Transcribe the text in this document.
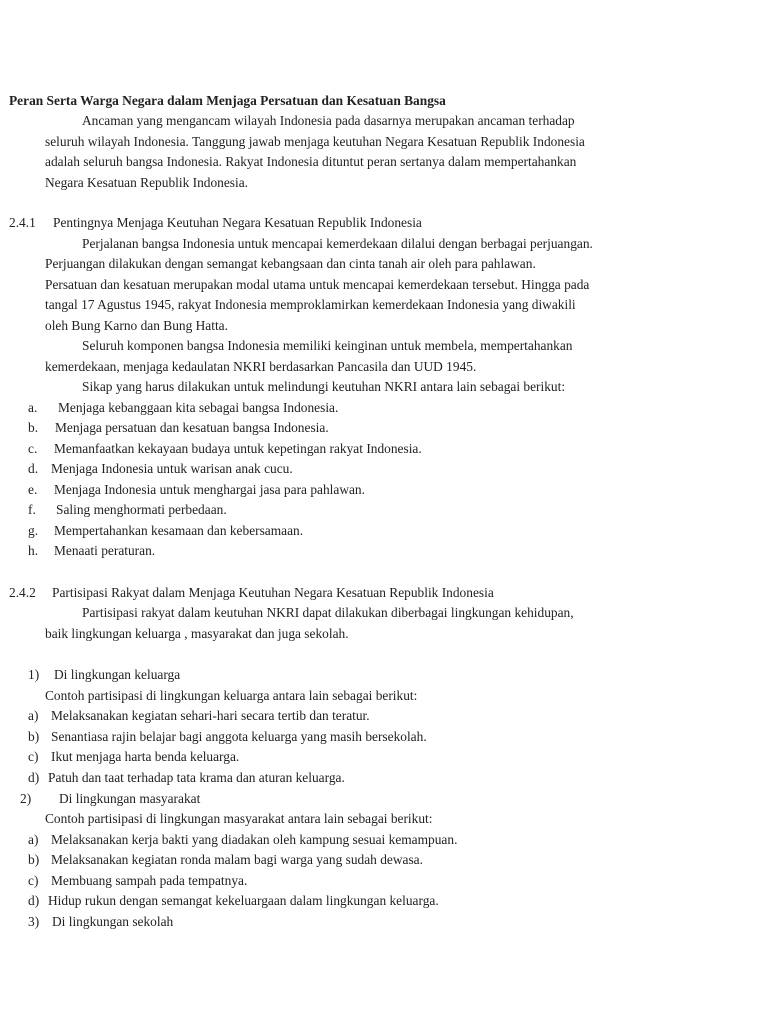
Peran Serta Warga Negara dalam Menjaga Persatuan dan Kesatuan Bangsa
Ancaman yang mengancam wilayah Indonesia pada dasarnya merupakan ancaman terhadap
seluruh wilayah Indonesia. Tanggung jawab menjaga keutuhan Negara Kesatuan Republik Indonesia
adalah seluruh bangsa Indonesia. Rakyat Indonesia dituntut peran sertanya dalam mempertahankan
Negara Kesatuan Republik Indonesia.
2.4.1 Pentingnya Menjaga Keutuhan Negara Kesatuan Republik Indonesia
Perjalanan bangsa Indonesia untuk mencapai kemerdekaan dilalui dengan berbagai perjuangan.
Perjuangan dilakukan dengan semangat kebangsaan dan cinta tanah air oleh para pahlawan.
Persatuan dan kesatuan merupakan modal utama untuk mencapai kemerdekaan tersebut. Hingga pada
tangal 17 Agustus 1945, rakyat Indonesia memproklamirkan kemerdekaan Indonesia yang diwakili
oleh Bung Karno dan Bung Hatta.
Seluruh komponen bangsa Indonesia memiliki keinginan untuk membela, mempertahankan
kemerdekaan, menjaga kedaulatan NKRI berdasarkan Pancasila dan UUD 1945.
Sikap yang harus dilakukan untuk melindungi keutuhan NKRI antara lain sebagai berikut:
a. Menjaga kebanggaan kita sebagai bangsa Indonesia.
b. Menjaga persatuan dan kesatuan bangsa Indonesia.
c. Memanfaatkan kekayaan budaya untuk kepetingan rakyat Indonesia.
d. Menjaga Indonesia untuk warisan anak cucu.
e. Menjaga Indonesia untuk menghargai jasa para pahlawan.
f. Saling menghormati perbedaan.
g. Mempertahankan kesamaan dan kebersamaan.
h. Menaati peraturan.
2.4.2 Partisipasi Rakyat dalam Menjaga Keutuhan Negara Kesatuan Republik Indonesia
Partisipasi rakyat dalam keutuhan NKRI dapat dilakukan diberbagai lingkungan kehidupan,
baik lingkungan keluarga , masyarakat dan juga sekolah.
1) Di lingkungan keluarga
Contoh partisipasi di lingkungan keluarga antara lain sebagai berikut:
a) Melaksanakan kegiatan sehari-hari secara tertib dan teratur.
b) Senantiasa rajin belajar bagi anggota keluarga yang masih bersekolah.
c) Ikut menjaga harta benda keluarga.
d) Patuh dan taat terhadap tata krama dan aturan keluarga.
2) Di lingkungan masyarakat
Contoh partisipasi di lingkungan masyarakat antara lain sebagai berikut:
a) Melaksanakan kerja bakti yang diadakan oleh kampung sesuai kemampuan.
b) Melaksanakan kegiatan ronda malam bagi warga yang sudah dewasa.
c) Membuang sampah pada tempatnya.
d) Hidup rukun dengan semangat kekeluargaan dalam lingkungan keluarga.
3) Di lingkungan sekolah
